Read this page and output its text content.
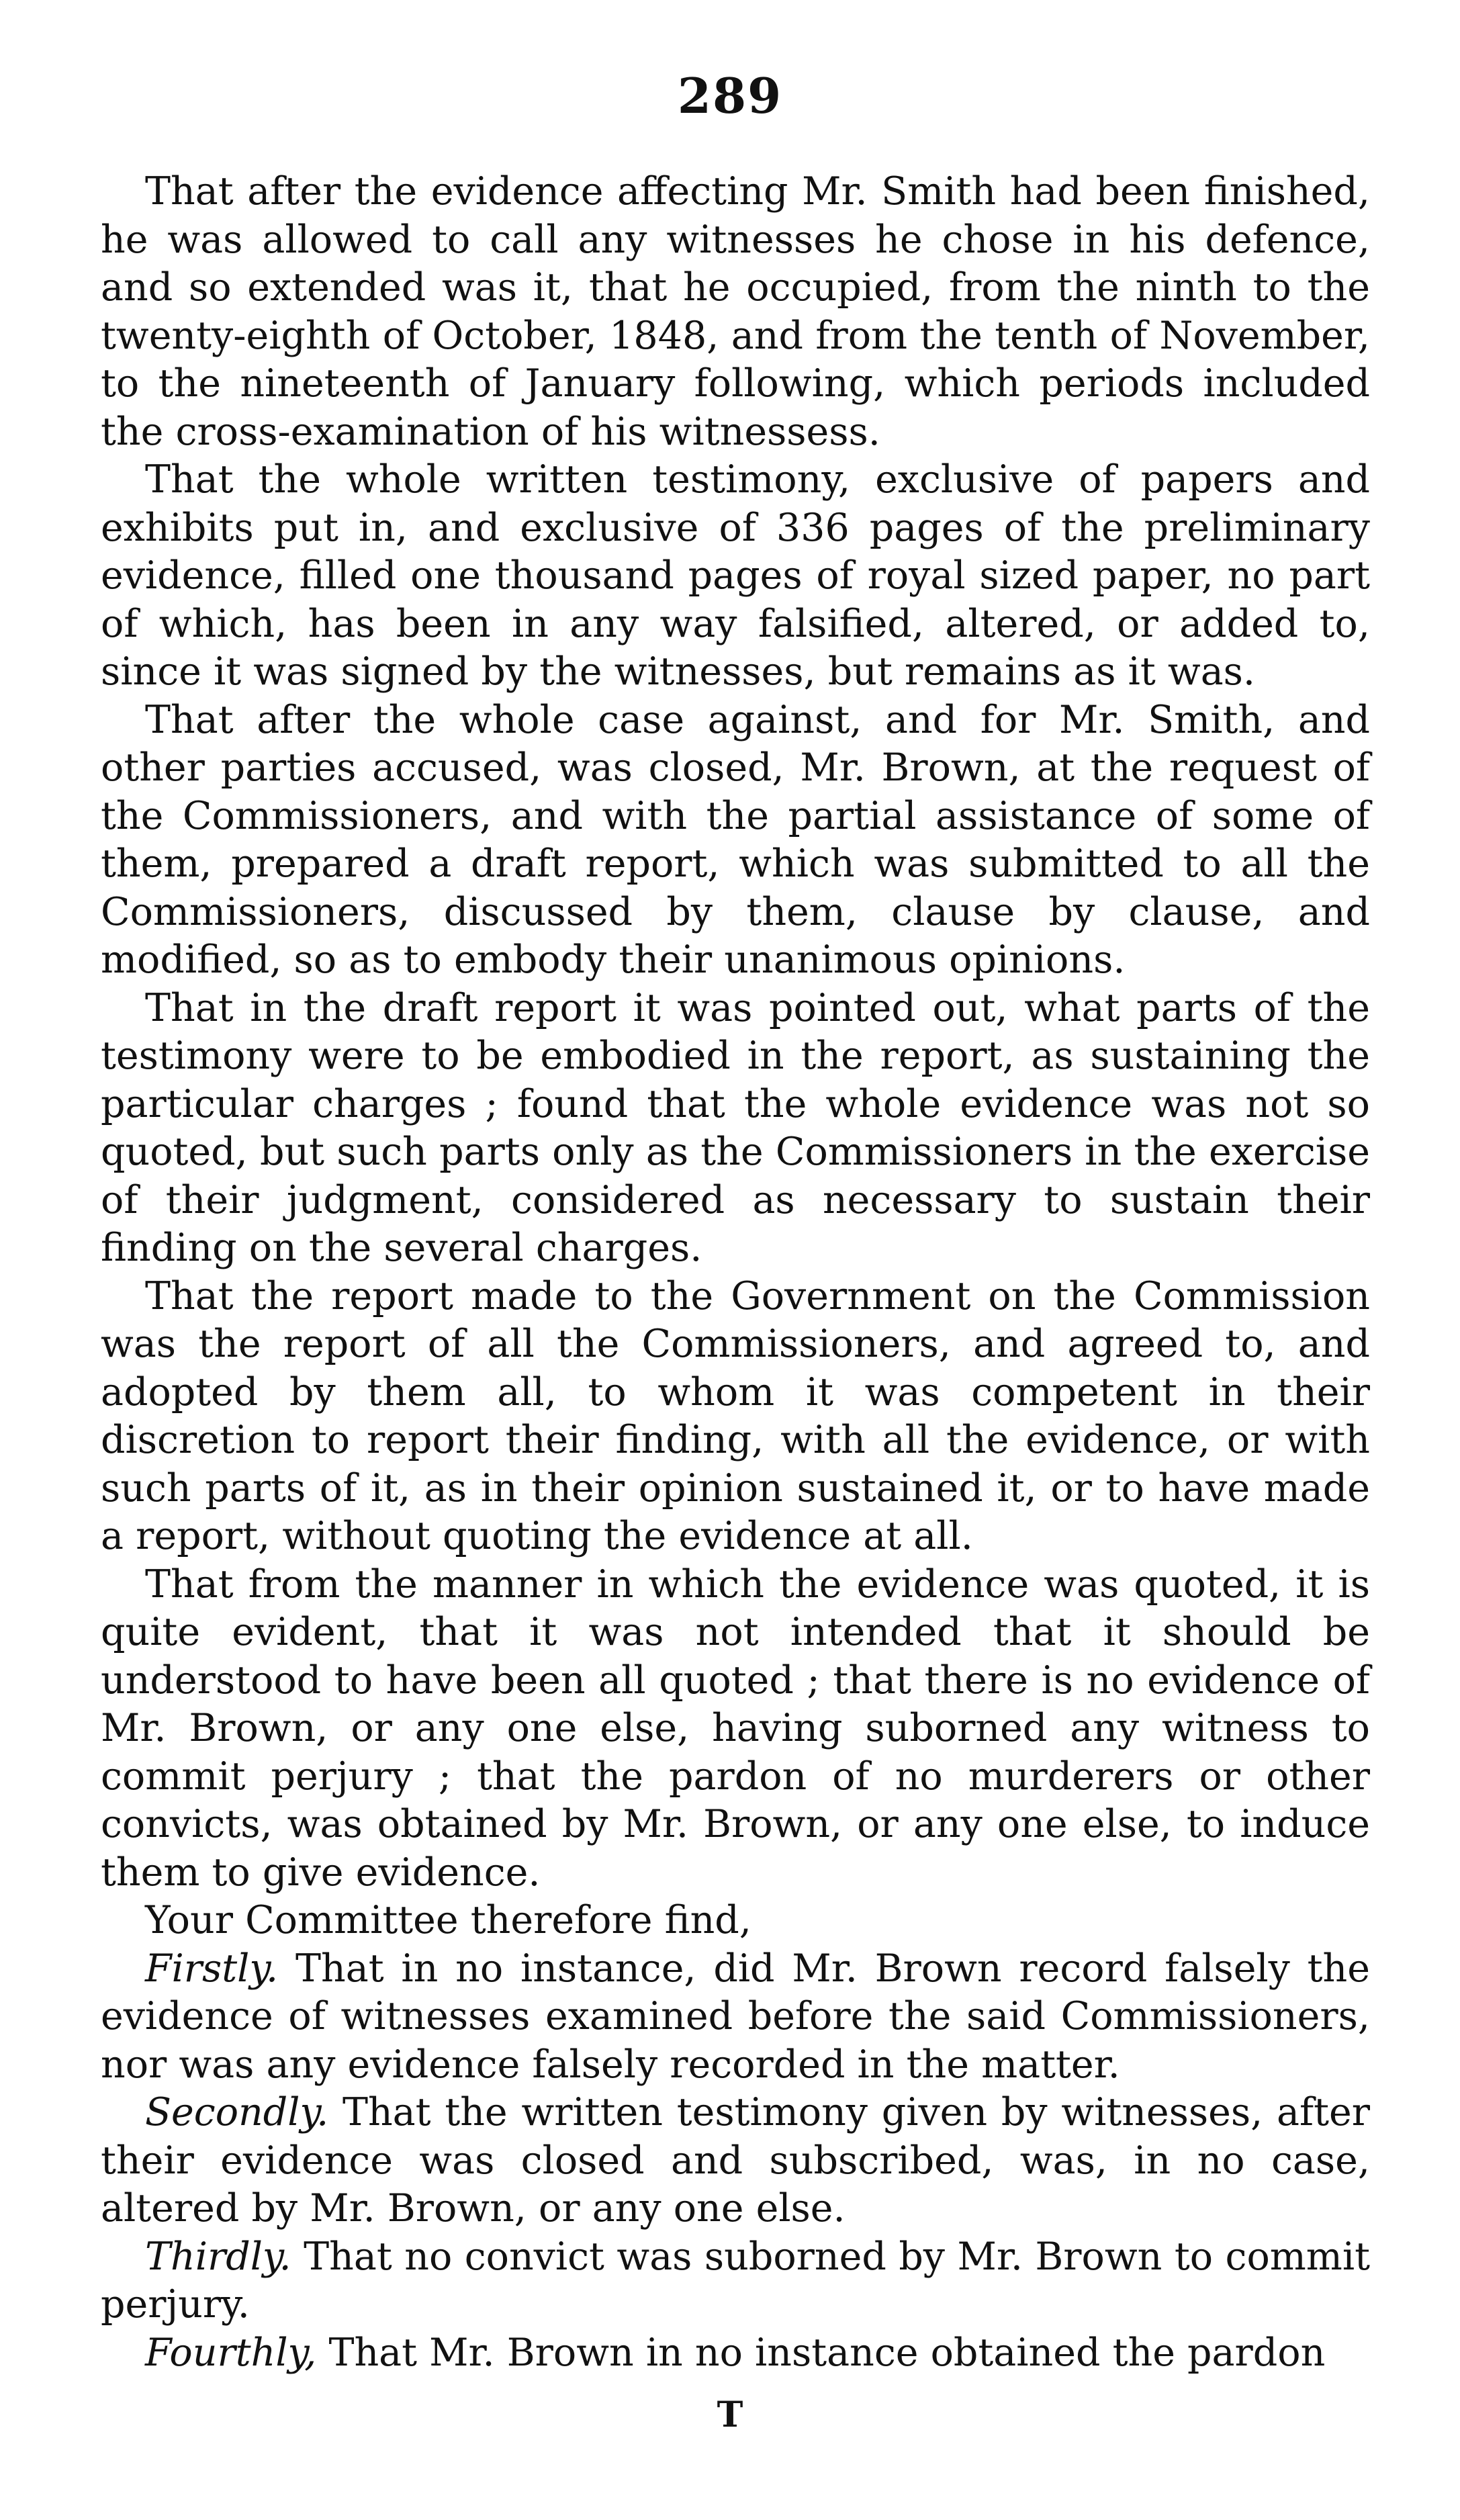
289

That after the evidence affecting Mr. Smith had been finished, he was allowed to call any witnesses he chose in his defence, and so extended was it, that he occupied, from the ninth to the twenty-eighth of October, 1848, and from the tenth of November, to the nineteenth of January following, which periods included the cross-examination of his witnessess.

That the whole written testimony, exclusive of papers and exhibits put in, and exclusive of 336 pages of the preliminary evidence, filled one thousand pages of royal sized paper, no part of which, has been in any way falsified, altered, or added to, since it was signed by the witnesses, but remains as it was.

That after the whole case against, and for Mr. Smith, and other parties accused, was closed, Mr. Brown, at the request of the Commissioners, and with the partial assistance of some of them, prepared a draft report, which was submitted to all the Commissioners, discussed by them, clause by clause, and modified, so as to embody their unanimous opinions.

That in the draft report it was pointed out, what parts of the testimony were to be embodied in the report, as sustaining the particular charges ; found that the whole evidence was not so quoted, but such parts only as the Commissioners in the exercise of their judgment, considered as necessary to sustain their finding on the several charges.

That the report made to the Government on the Commission was the report of all the Commissioners, and agreed to, and adopted by them all, to whom it was competent in their discretion to report their finding, with all the evidence, or with such parts of it, as in their opinion sustained it, or to have made a report, without quoting the evidence at all.

That from the manner in which the evidence was quoted, it is quite evident, that it was not intended that it should be understood to have been all quoted ; that there is no evidence of Mr. Brown, or any one else, having suborned any witness to commit perjury ; that the pardon of no murderers or other convicts, was obtained by Mr. Brown, or any one else, to induce them to give evidence.

Your Committee therefore find,

Firstly. That in no instance, did Mr. Brown record falsely the evidence of witnesses examined before the said Commissioners, nor was any evidence falsely recorded in the matter.

Secondly. That the written testimony given by witnesses, after their evidence was closed and subscribed, was, in no case, altered by Mr. Brown, or any one else.

Thirdly. That no convict was suborned by Mr. Brown to commit perjury.

Fourthly, That Mr. Brown in no instance obtained the pardon

T
